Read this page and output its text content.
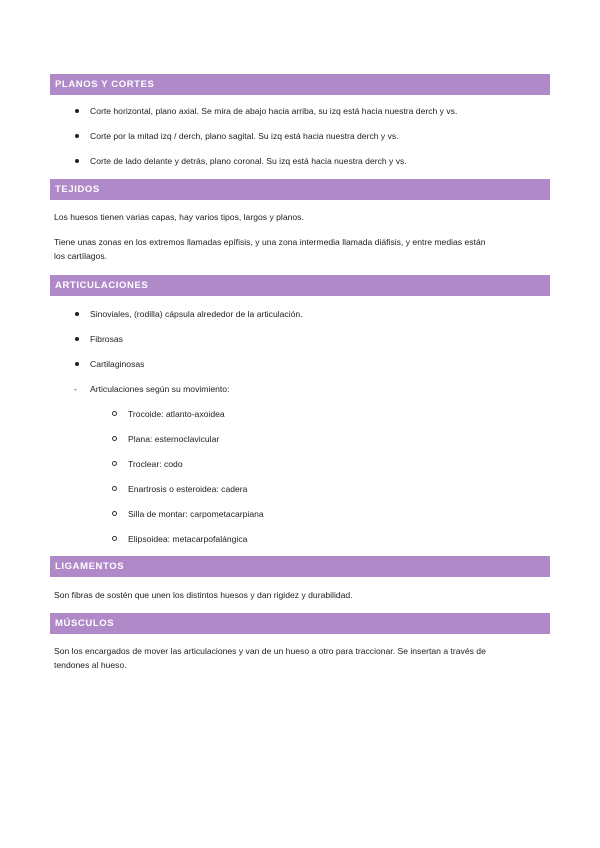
PLANOS Y CORTES
Corte horizontal, plano axial. Se mira de abajo hacia arriba, su izq está hacia nuestra derch y vs.
Corte por la mitad izq / derch, plano sagital. Su izq está hacia nuestra derch y vs.
Corte de lado delante y detrás, plano coronal. Su izq está hacia nuestra derch y vs.
TEJIDOS
Los huesos tienen varias capas, hay varios tipos, largos y planos.
Tiene unas zonas en los extremos llamadas epífisis, y una zona intermedia llamada diáfisis, y entre medias están
los cartílagos.
ARTICULACIONES
Sinoviales, (rodilla) cápsula alrededor de la articulación.
Fibrosas
Cartilaginosas
- Articulaciones según su movimiento:
Trocoide: atlanto-axoidea
Plana: esternoclavicular
Troclear: codo
Enartrosis o esteroidea: cadera
Silla de montar: carpometacarpiana
Elipsoidea: metacarpofalángica
LIGAMENTOS
Son fibras de sostén que unen los distintos huesos y dan rigidez y durabilidad.
MÚSCULOS
Son los encargados de mover las articulaciones y van de un hueso a otro para traccionar. Se insertan a través de
tendones al hueso.
